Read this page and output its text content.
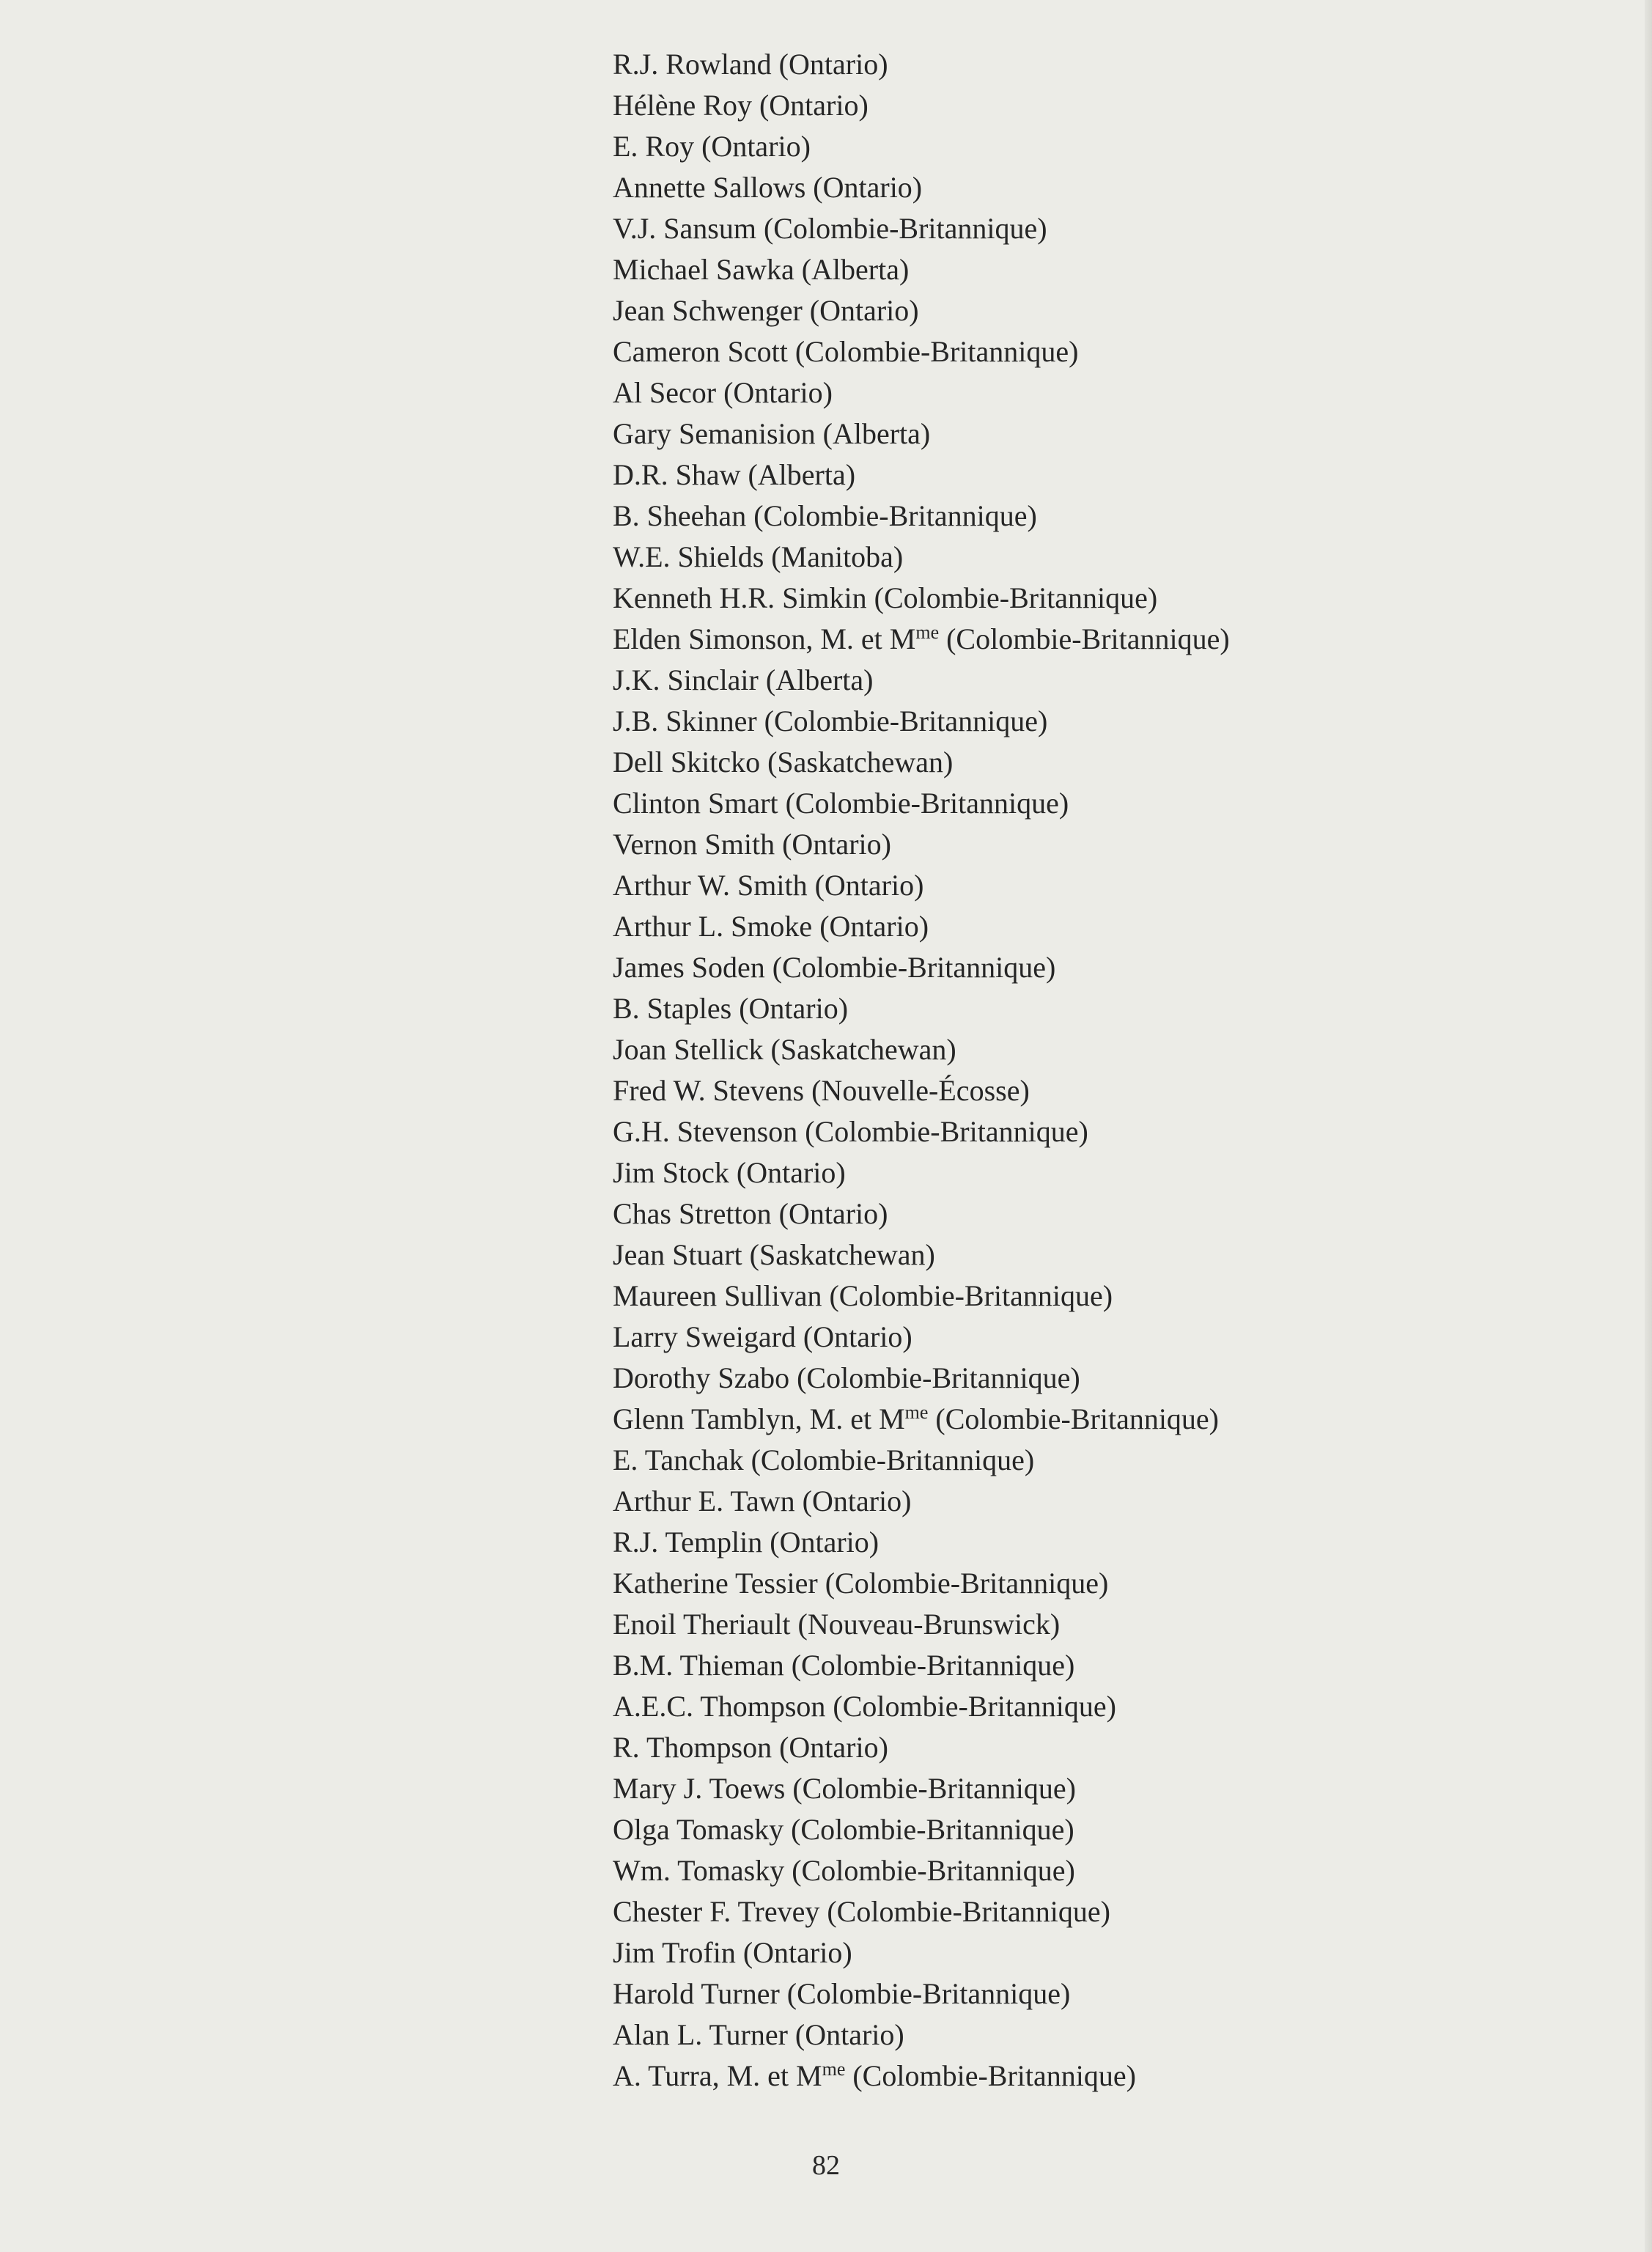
R.J. Rowland (Ontario)
Hélène Roy (Ontario)
E. Roy (Ontario)
Annette Sallows (Ontario)
V.J. Sansum (Colombie-Britannique)
Michael Sawka (Alberta)
Jean Schwenger (Ontario)
Cameron Scott (Colombie-Britannique)
Al Secor (Ontario)
Gary Semanision (Alberta)
D.R. Shaw (Alberta)
B. Sheehan (Colombie-Britannique)
W.E. Shields (Manitoba)
Kenneth H.R. Simkin (Colombie-Britannique)
Elden Simonson, M. et $M^{me}$ (Colombie-Britannique)
J.K. Sinclair (Alberta)
J.B. Skinner (Colombie-Britannique)
Dell Skitcko (Saskatchewan)
Clinton Smart (Colombie-Britannique)
Vernon Smith (Ontario)
Arthur W. Smith (Ontario)
Arthur L. Smoke (Ontario)
James Soden (Colombie-Britannique)
B. Staples (Ontario)
Joan Stellick (Saskatchewan)
Fred W. Stevens (Nouvelle-Écosse)
G.H. Stevenson (Colombie-Britannique)
Jim Stock (Ontario)
Chas Stretton (Ontario)
Jean Stuart (Saskatchewan)
Maureen Sullivan (Colombie-Britannique)
Larry Sweigard (Ontario)
Dorothy Szabo (Colombie-Britannique)
Glenn Tamblyn, M. et $M^{me}$ (Colombie-Britannique)
E. Tanchak (Colombie-Britannique)
Arthur E. Tawn (Ontario)
R.J. Templin (Ontario)
Katherine Tessier (Colombie-Britannique)
Enoil Theriault (Nouveau-Brunswick)
B.M. Thieman (Colombie-Britannique)
A.E.C. Thompson (Colombie-Britannique)
R. Thompson (Ontario)
Mary J. Toews (Colombie-Britannique)
Olga Tomasky (Colombie-Britannique)
Wm. Tomasky (Colombie-Britannique)
Chester F. Trevey (Colombie-Britannique)
Jim Trofin (Ontario)
Harold Turner (Colombie-Britannique)
Alan L. Turner (Ontario)
A. Turra, M. et $M^{me}$ (Colombie-Britannique)
82
